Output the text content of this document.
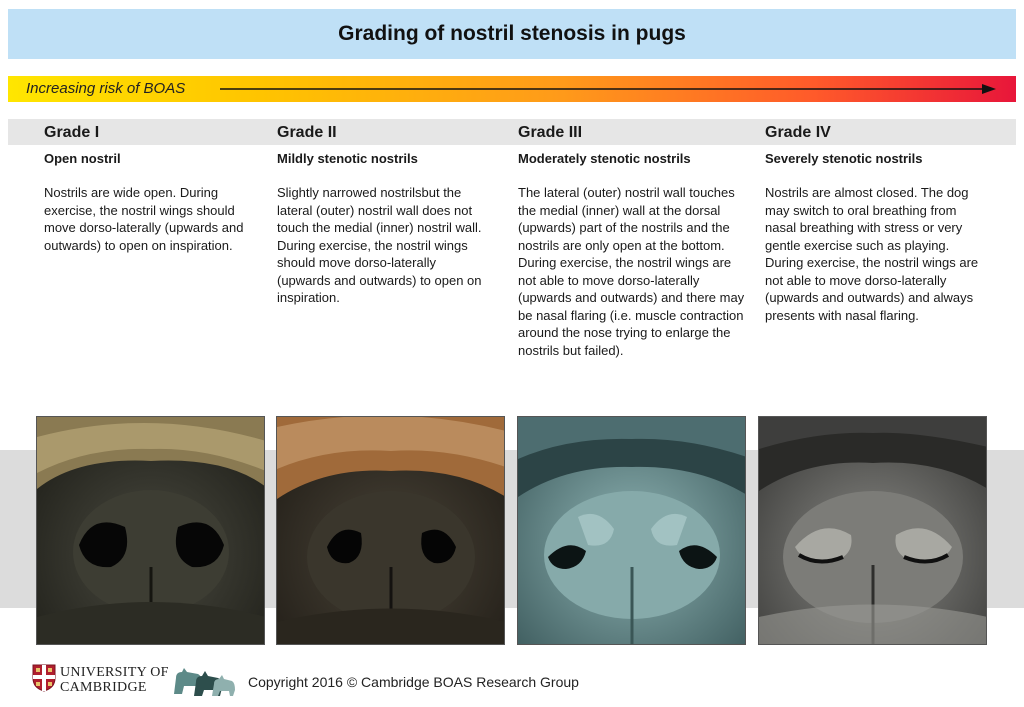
Grading of nostril stenosis in pugs
Increasing risk of BOAS
Grade I
Open nostril
Nostrils are wide open. During exercise, the nostril wings should move dorso-laterally (upwards and outwards) to open on inspiration.
Grade II
Mildly stenotic nostrils
Slightly narrowed nostrilsbut the lateral (outer) nostril wall does not touch the medial (inner) nostril wall. During exercise, the nostril wings should move dorso-laterally (upwards and outwards) to open on inspiration.
Grade III
Moderately stenotic nostrils
The lateral (outer) nostril wall touches the medial (inner) wall at the dorsal (upwards) part of the nostrils and the nostrils are only open at the bottom. During exercise, the nostril wings are not able to move dorso-laterally (upwards and outwards) and there may be nasal flaring (i.e. muscle contraction around the nose trying to enlarge the nostrils but failed).
Grade IV
Severely stenotic nostrils
Nostrils are almost closed. The dog may switch to oral breathing from nasal breathing with stress or very gentle exercise such as playing. During exercise, the nostril wings are not able to move dorso-laterally (upwards and outwards) and always presents with nasal flaring.
UNIVERSITY OF
CAMBRIDGE	Copyright 2016 © Cambridge BOAS Research Group
